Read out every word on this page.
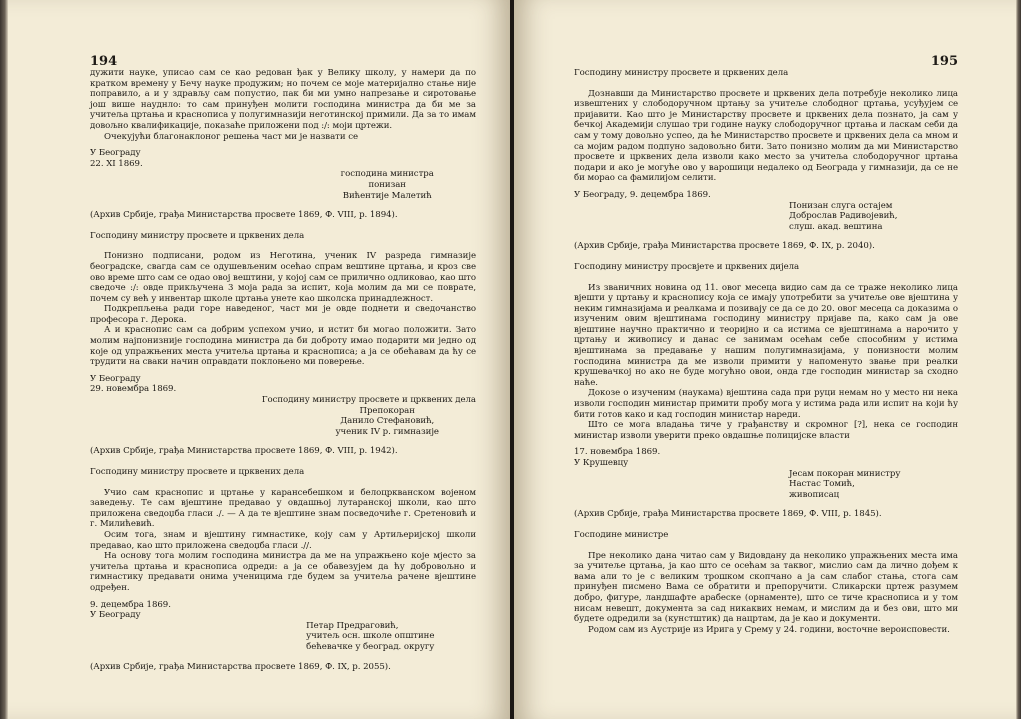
194

дужити науке, уписао сам се као редован ђак у Велику школу, у намери да по кратком времену у Бечу науке продужим; но почем се моје материјално стање није поправило, а и у здрављу сам попустио, пак би ми умно напрезање и сиротовање још више науднло: то сам принуђен молити господина министра да би ме за учитеља цртања и краснописа у полугимназији неготинској примили. Да за то имам довољно квалификације, показаће приложени под :/: моји цртежи.

Очекујући благонаклоног решења част ми је назвати се

У Београду

22. XI 1869.

господина министра

понизан

Вићентије Малетић

(Архив Србије, грађа Министарства просвете 1869, Ф. VIII, р. 1894).

Господину министру просвете и црквених дела

Понизно подписани, родом из Неготина, ученик IV разреда гимназије београдске, свагда сам се одушевљеним осећао спрам вештине цртања, и кроз све ово време што сам се одао овој вештини, у којој сам се прилично одликовао, као што сведоче :/: овде прикључена 3 моја рада за испит, која молим да ми се поврате, почем су већ у инвентар школе цртања унете као школска принадлежност.

Подкрепљења ради горе наведеног, част ми је овде поднети и сведочанство професора г. Дерока.

А и краснопис сам са добрим успехом учио, и истит би могао положити. Зато молим најпонизније господина министра да би доброту имао подарити ми једно од које од упражњених места учитеља цртања и краснописа; а ја се обећавам да ћу се трудити на сваки начин оправдати поклоњено ми поверење.

У Београду

29. новембра 1869.

Господину министру просвете и црквених дела

Препокоран

Данило Стефановић,

ученик IV р. гимназије

(Архив Србије, грађа Министарства просвете 1869, Ф. VIII, р. 1942).

Господину министру просвете и црквених дела

Учио сам краснопис и цртање у карансебешком и белоцркванском војеном заведењу. Те сам вјештине предавао у овдашњој лутаранској школи, као што приложена сведоџба гласи ./. — А да те вјештине знам посведочиће г. Сретеновић и г. Милићевић.

Осим тога, знам и вјештину гимнастике, коју сам у Артиљеријској школи предавао, као што приложена сведоџба гласи .//.

На основу тога молим господина министра да ме на упражњено које мјесто за учитеља цртања и краснописа одреди: а ја се обавезујем да ћу добровољно и гимнастику предавати онима ученицима где будем за учитеља рачене вјештине одређен.

9. децембра 1869.

У Београду

Петар Предраговић,

учитељ осн. школе општине

бећевачке у београд. округу

(Архив Србије, грађа Министарства просвете 1869, Ф. IX, р. 2055).

195

Господину министру просвете и црквених дела

Дознавши да Министарство просвете и црквених дела потребује неколико лица извештених у слободоручном цртању за учитеље слободног цртања, усуђујем се пријавити. Као што је Министарству просвете и црквених дела познато, ја сам у бечкој Академији слушао три године науку слободоручног цртања и ласкам себи да сам у тому довољно успео, да ће Министарство просвете и црквених дела са мном и са мојим радом подпуно задовољно бити. Зато понизно молим да ми Министарство просвете и црквених дела изволи како место за учитеља слободоручног цртања подари и ако је могуће ово у варошици недалеко од Београда у гимназији, да се не би морао са фамилијом селити.

У Београду, 9. децембра 1869.

Понизан слуга остајем

Доброслав Радивојевић,

слуш. акад. вештина

(Архив Србије, грађа Министарства просвете 1869, Ф. IX, р. 2040).

Господину министру просвјете и црквених дијела

Из званичних новина од 11. овог месеца видио сам да се траже неколико лица вјешти у цртању и краснопису која се имају употребити за учитеље ове вјештина у неким гимназијама и реалкама и позивају се да се до 20. овог месеца са доказима о изученим овим вјештинама господину министру пријаве па, како сам ја ове вјештине научно практично и теоријно и са истима се вјештинама а нарочито у цртању и живопису и данас се занимам осећам себе способним у истима вјештинама за предавање у нашим полугимназијама, у понизности молим господина министра да ме изволи примити у напоменуто звање при реалки крушевачкој но ако не буде могућно овои, онда где господин министар за сходно наће.

Докозе о изученим (наукама) вјештина сада при руци немам но у место ни нека изволи господин министар примити пробу мога у истима рада или испит на који ћу бити готов како и кад господин министар нареди.

Што се мога владања тиче у грађанству и скромног [?], нека се господин министар изволи уверити преко овдашње полицијске власти

17. новембра 1869.

У Крушевцу

Јесам покоран министру

Настас Томић,

живописац

(Архив Србије, грађа Министарства просвете 1869, Ф. VIII, р. 1845).

Господине министре

Пре неколико дана читао сам у Видовдану да неколико упражњених места има за учитеље цртања, ја као што се осећам за таквог, мислио сам да лично дођем к вама али то је с великим трошком скопчано а ја сам слабог стања, стога сам принуђен писмено Вама се обратити и препоручити. Сликарски цртеж разумем добро, фигуре, ландшафте арабеске (орнаменте), што се тиче краснописа и у том нисам невешт, документа за сад никаквих немам, и мислим да и без ови, што ми будете одредили за (кунстштик) да нацртам, да је као и документи.

Родом сам из Аустрије из Ирига у Срему у 24. години, восточне вероисповести.
